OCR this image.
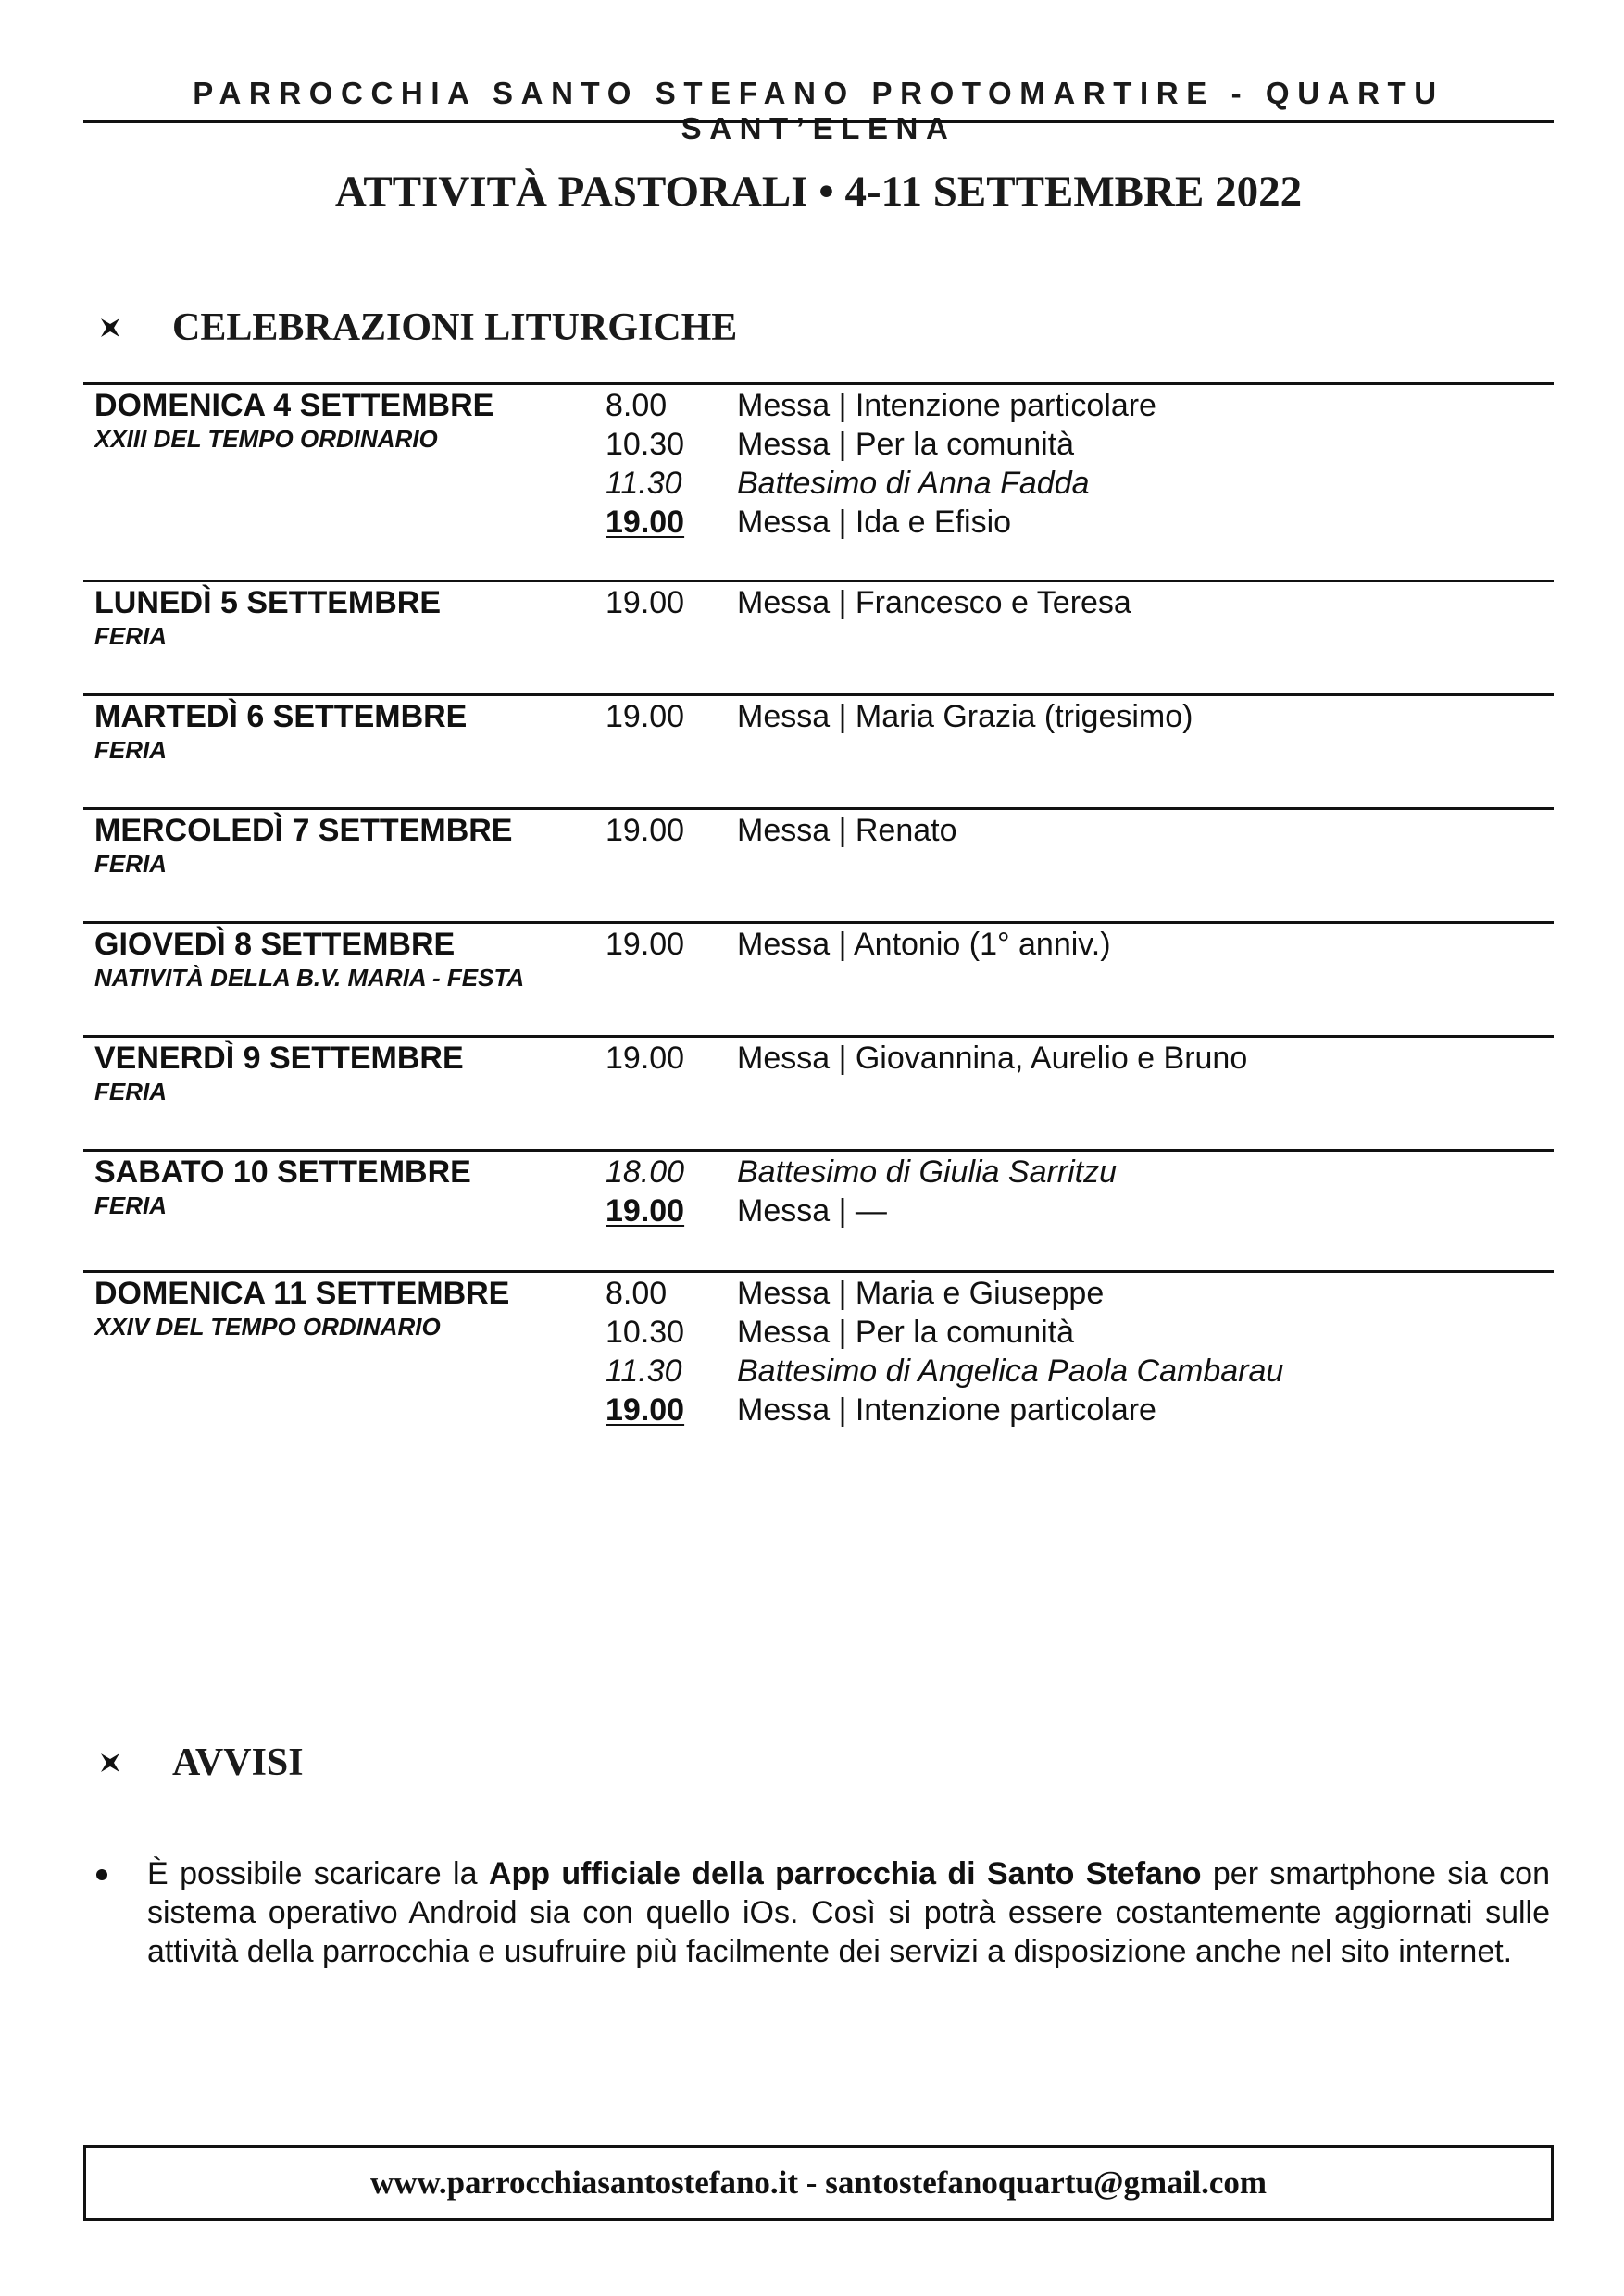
PARROCCHIA SANTO STEFANO PROTOMARTIRE - QUARTU SANT’ELENA
ATTIVITÀ PASTORALI • 4-11 SETTEMBRE 2022
CELEBRAZIONI LITURGICHE
DOMENICA 4 SETTEMBRE
XXIII DEL TEMPO ORDINARIO
8.00	Messa | Intenzione particolare
10.30	Messa | Per la comunità
11.30	Battesimo di Anna Fadda
19.00	Messa | Ida e Efisio
LUNEDÌ 5 SETTEMBRE
FERIA
19.00	Messa | Francesco e Teresa
MARTEDÌ 6 SETTEMBRE
FERIA
19.00	Messa | Maria Grazia (trigesimo)
MERCOLEDÌ 7 SETTEMBRE
FERIA
19.00	Messa | Renato
GIOVEDÌ 8 SETTEMBRE
NATIVITÀ DELLA B.V. MARIA - FESTA
19.00	Messa | Antonio (1° anniv.)
VENERDÌ 9 SETTEMBRE
FERIA
19.00	Messa | Giovannina, Aurelio e Bruno
SABATO 10 SETTEMBRE
FERIA
18.00	Battesimo di Giulia Sarritzu
19.00	Messa | —
DOMENICA 11 SETTEMBRE
XXIV DEL TEMPO ORDINARIO
8.00	Messa | Maria e Giuseppe
10.30	Messa | Per la comunità
11.30	Battesimo di Angelica Paola Cambarau
19.00	Messa | Intenzione particolare
AVVISI
È possibile scaricare la App ufficiale della parrocchia di Santo Stefano per smartphone sia con sistema operativo Android sia con quello iOs. Così si potrà essere costantemente aggiornati sulle attività della parrocchia e usufruire più facilmente dei servizi a disposizione anche nel sito internet.
www.parrocchiasantostefano.it - santostefanoquartu@gmail.com
